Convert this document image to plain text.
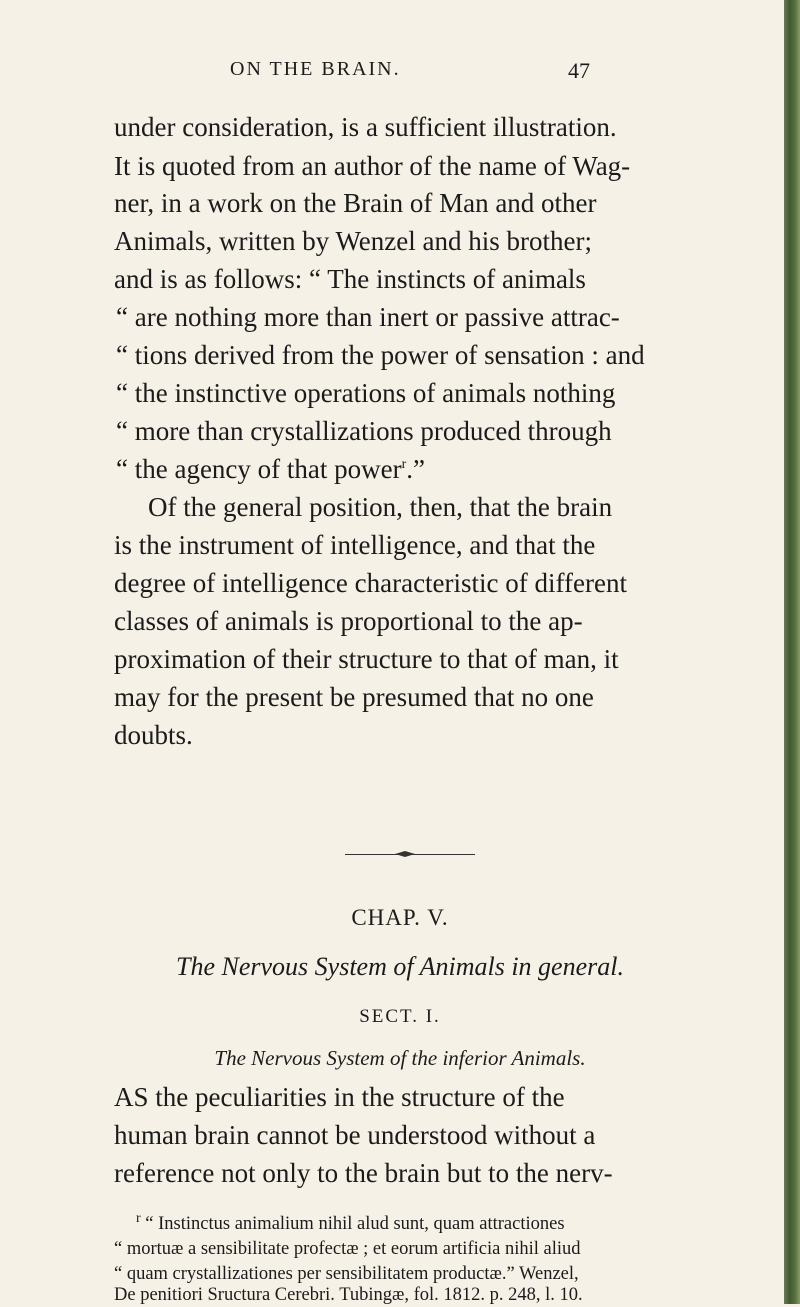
ON THE BRAIN.	47
under consideration, is a sufficient illustration.
It is quoted from an author of the name of Wag-
ner, in a work on the Brain of Man and other
Animals, written by Wenzel and his brother;
and is as follows: “ The instincts of animals
“ are nothing more than inert or passive attrac-
“ tions derived from the power of sensation : and
“ the instinctive operations of animals nothing
“ more than crystallizations produced through
“ the agency of that power$^r$.”
Of the general position, then, that the brain
is the instrument of intelligence, and that the
degree of intelligence characteristic of different
classes of animals is proportional to the ap-
proximation of their structure to that of man, it
may for the present be presumed that no one
doubts.
CHAP. V.
The Nervous System of Animals in general.
SECT. I.
The Nervous System of the inferior Animals.
AS the peculiarities in the structure of the
human brain cannot be understood without a
reference not only to the brain but to the nerv-
$^r$ “ Instinctus animalium nihil alud sunt, quam attractiones
“ mortuæ a sensibilitate profectæ ; et eorum artificia nihil aliud
“ quam crystallizationes per sensibilitatem productæ.” Wenzel,
De penitiori Sructura Cerebri. Tubingæ, fol. 1812. p. 248, l. 10.
